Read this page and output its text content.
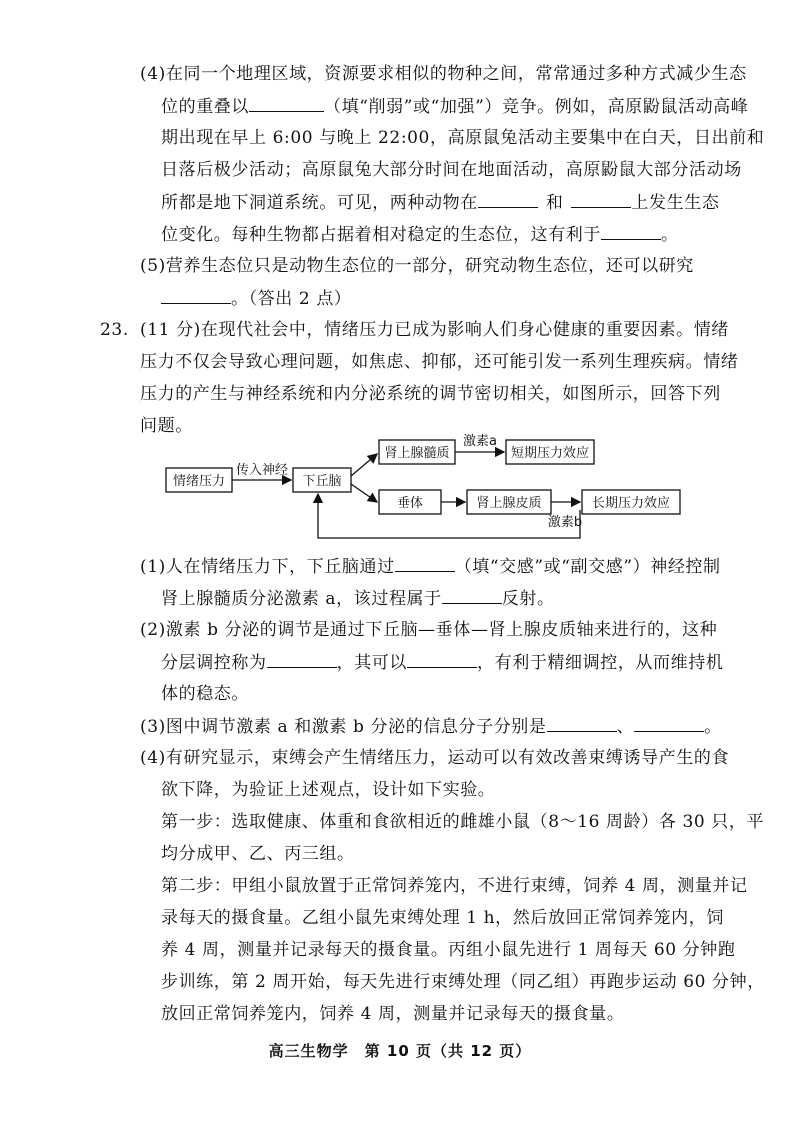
(4)在同一个地理区域，资源要求相似的物种之间，常常通过多种方式减少生态
位的重叠以	（填“削弱”或“加强”）竞争。例如，高原鼢鼠活动高峰
期出现在早上 6:00 与晚上 22:00，高原鼠兔活动主要集中在白天，日出前和
日落后极少活动；高原鼠兔大部分时间在地面活动，高原鼢鼠大部分活动场
所都是地下洞道系统。可见，两种动物在	和	上发生生态
位变化。每种生物都占据着相对稳定的生态位，这有利于	。
(5)营养生态位只是动物生态位的一部分，研究动物生态位，还可以研究
。（答出 2 点）
23. (11 分)在现代社会中，情绪压力已成为影响人们身心健康的重要因素。情绪
压力不仅会导致心理问题，如焦虑、抑郁，还可能引发一系列生理疾病。情绪
压力的产生与神经系统和内分泌系统的调节密切相关，如图所示，回答下列
问题。
情绪压力	下丘脑
肾上腺髓质	短期压力效应
垂体	肾上腺皮质	长期压力效应
传入神经
激素a
激素b
(1)人在情绪压力下，下丘脑通过	（填“交感”或“副交感”）神经控制
肾上腺髓质分泌激素 a，该过程属于	反射。
(2)激素 b 分泌的调节是通过下丘脑—垂体—肾上腺皮质轴来进行的，这种
分层调控称为	，其可以	，有利于精细调控，从而维持机
体的稳态。
(3)图中调节激素 a 和激素 b 分泌的信息分子分别是	、	。
(4)有研究显示，束缚会产生情绪压力，运动可以有效改善束缚诱导产生的食
欲下降，为验证上述观点，设计如下实验。
第一步：选取健康、体重和食欲相近的雌雄小鼠（8～16 周龄）各 30 只，平
均分成甲、乙、丙三组。
第二步：甲组小鼠放置于正常饲养笼内，不进行束缚，饲养 4 周，测量并记
录每天的摄食量。乙组小鼠先束缚处理 1 h，然后放回正常饲养笼内，饲
养 4 周，测量并记录每天的摄食量。丙组小鼠先进行 1 周每天 60 分钟跑
步训练，第 2 周开始，每天先进行束缚处理（同乙组）再跑步运动 60 分钟，
放回正常饲养笼内，饲养 4 周，测量并记录每天的摄食量。
高三生物学　第 10 页（共 12 页）
